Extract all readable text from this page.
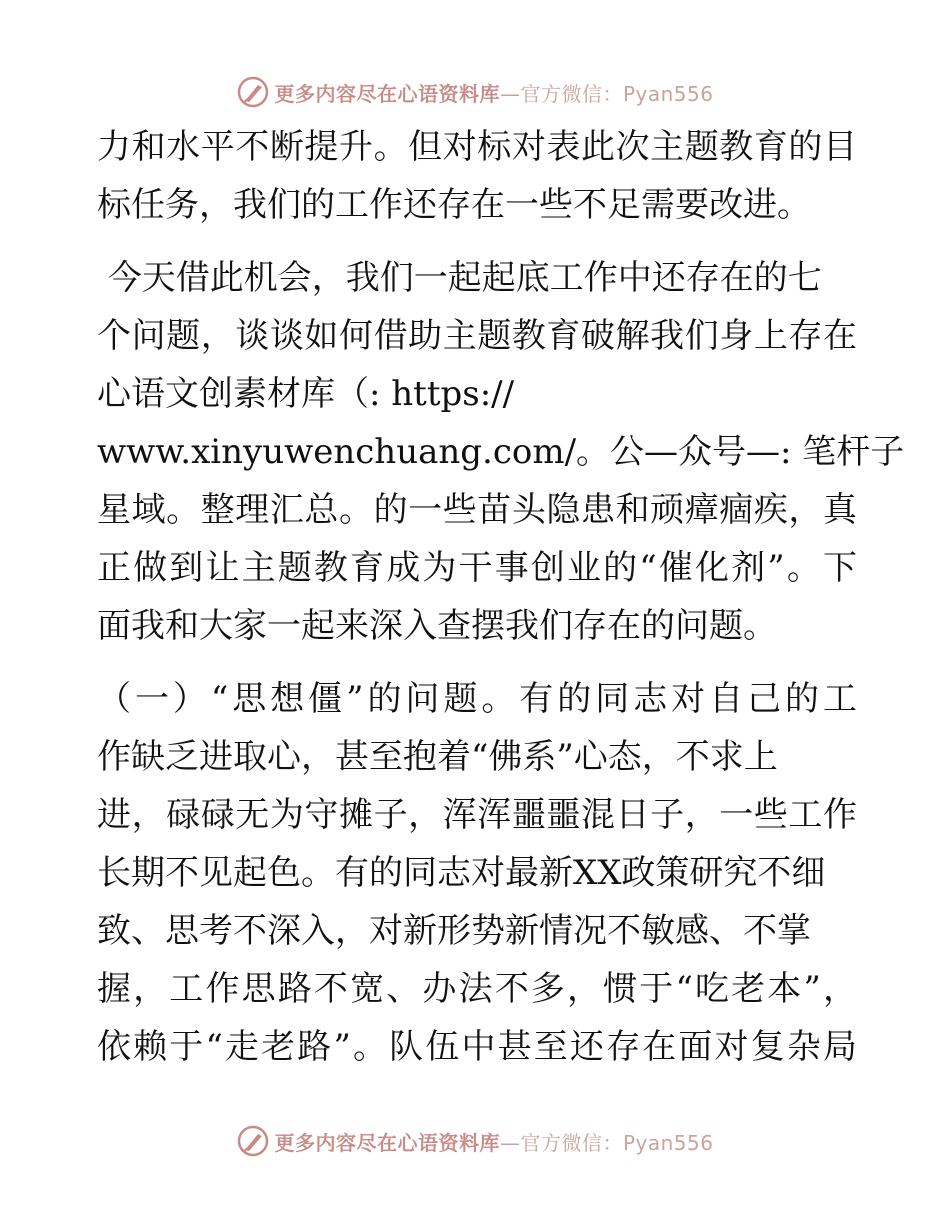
更多内容尽在心语资料库—官方微信：Pyan556
力和水平不断提升。但对标对表此次主题教育的目
标任务，我们的工作还存在一些不足需要改进。
今天借此机会，我们一起起底工作中还存在的七
个问题，谈谈如何借助主题教育破解我们身上存在
心语文创素材库（: https://
www.xinyuwenchuang.com/。公—众号—: 笔杆子
星域。整理汇总。的一些苗头隐患和顽瘴痼疾，真
正做到让主题教育成为干事创业的“催化剂”。下
面我和大家一起来深入查摆我们存在的问题。
（一）“思想僵”的问题。有的同志对自己的工
作缺乏进取心，甚至抱着“佛系”心态，不求上
进，碌碌无为守摊子，浑浑噩噩混日子，一些工作
长期不见起色。有的同志对最新XX政策研究不细
致、思考不深入，对新形势新情况不敏感、不掌
握，工作思路不宽、办法不多，惯于“吃老本”，
依赖于“走老路”。队伍中甚至还存在面对复杂局
更多内容尽在心语资料库—官方微信：Pyan556
